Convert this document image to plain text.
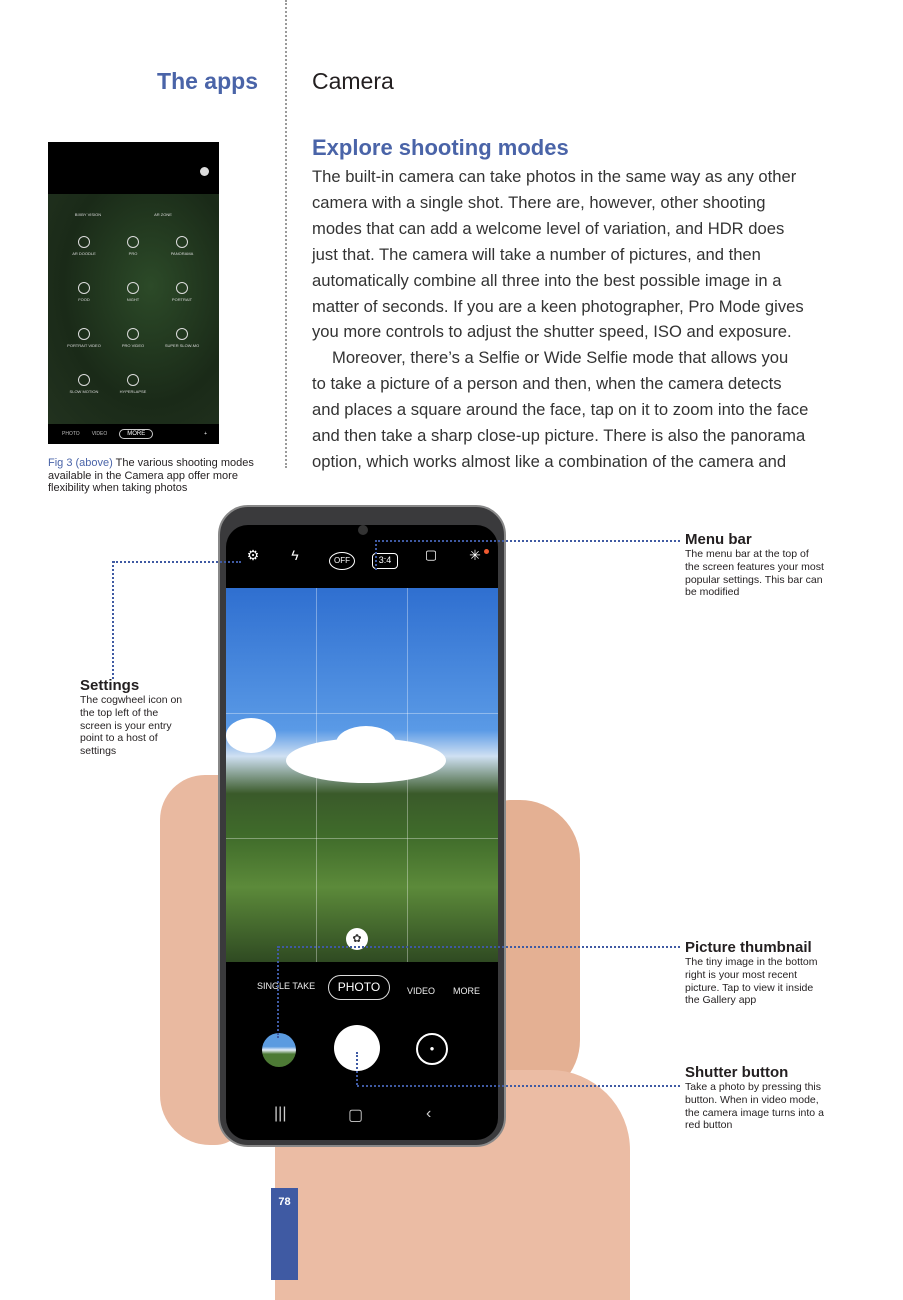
The apps Camera
Explore shooting modes
The built-in camera can take photos in the same way as any other
camera with a single shot. There are, however, other shooting
modes that can add a welcome level of variation, and HDR does
just that. The camera will take a number of pictures, and then
automatically combine all three into the best possible image in a
matter of seconds. If you are a keen photographer, Pro Mode gives
you more controls to adjust the shutter speed, ISO and exposure.
Moreover, there’s a Selfie or Wide Selfie mode that allows you
to take a picture of a person and then, when the camera detects
and places a square around the face, tap on it to zoom into the face
and then take a sharp close-up picture. There is also the panorama
option, which works almost like a combination of the camera and
BIXBY VISION	AR ZONE
AR DOODLE	PRO	PANORAMA
FOOD	NIGHT	PORTRAIT
PORTRAIT VIDEO	PRO VIDEO	SUPER SLOW-MO
SLOW MOTION	HYPERLAPSE
PHOTO VIDEO	MORE	+
Fig 3 (above) The various shooting modes available in the Camera app offer more flexibility when taking photos
⚙	ϟ	OFF	3:4	▢	✳
✿
SINGLE TAKE	PHOTO	VIDEO MORE
●
|||	▢	‹
Settings
The cogwheel icon on the top left of the screen is your entry point to a host of settings
Menu bar
The menu bar at the top of the screen features your most popular settings. This bar can be modified
Picture thumbnail
The tiny image in the bottom right is your most recent picture. Tap to view it inside the Gallery app
Shutter button
Take a photo by pressing this button. When in video mode, the camera image turns into a red button
78
